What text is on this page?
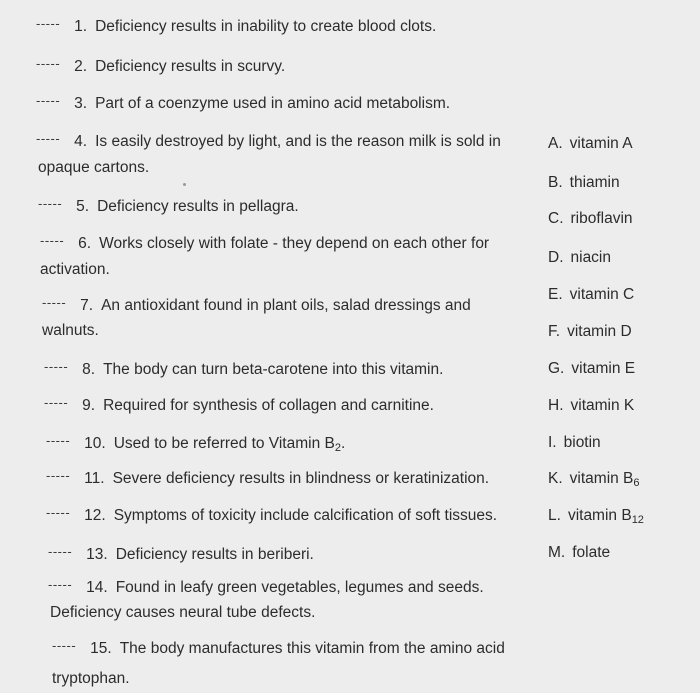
----- 1. Deficiency results in inability to create blood clots.
----- 2. Deficiency results in scurvy.
----- 3. Part of a coenzyme used in amino acid metabolism.
----- 4. Is easily destroyed by light, and is the reason milk is sold in
opaque cartons.
----- 5. Deficiency results in pellagra.
----- 6. Works closely with folate - they depend on each other for
activation.
----- 7. An antioxidant found in plant oils, salad dressings and
walnuts.
----- 8. The body can turn beta-carotene into this vitamin.
----- 9. Required for synthesis of collagen and carnitine.
----- 10. Used to be referred to Vitamin $B_2$.
----- 11. Severe deficiency results in blindness or keratinization.
----- 12. Symptoms of toxicity include calcification of soft tissues.
----- 13. Deficiency results in beriberi.
----- 14. Found in leafy green vegetables, legumes and seeds.
Deficiency causes neural tube defects.
----- 15. The body manufactures this vitamin from the amino acid
tryptophan.
A. vitamin A
B. thiamin
C. riboflavin
D. niacin
E. vitamin C
F. vitamin D
G. vitamin E
H. vitamin K
I. biotin
K. vitamin $B_6$
L. vitamin $B_{12}$
M. folate
